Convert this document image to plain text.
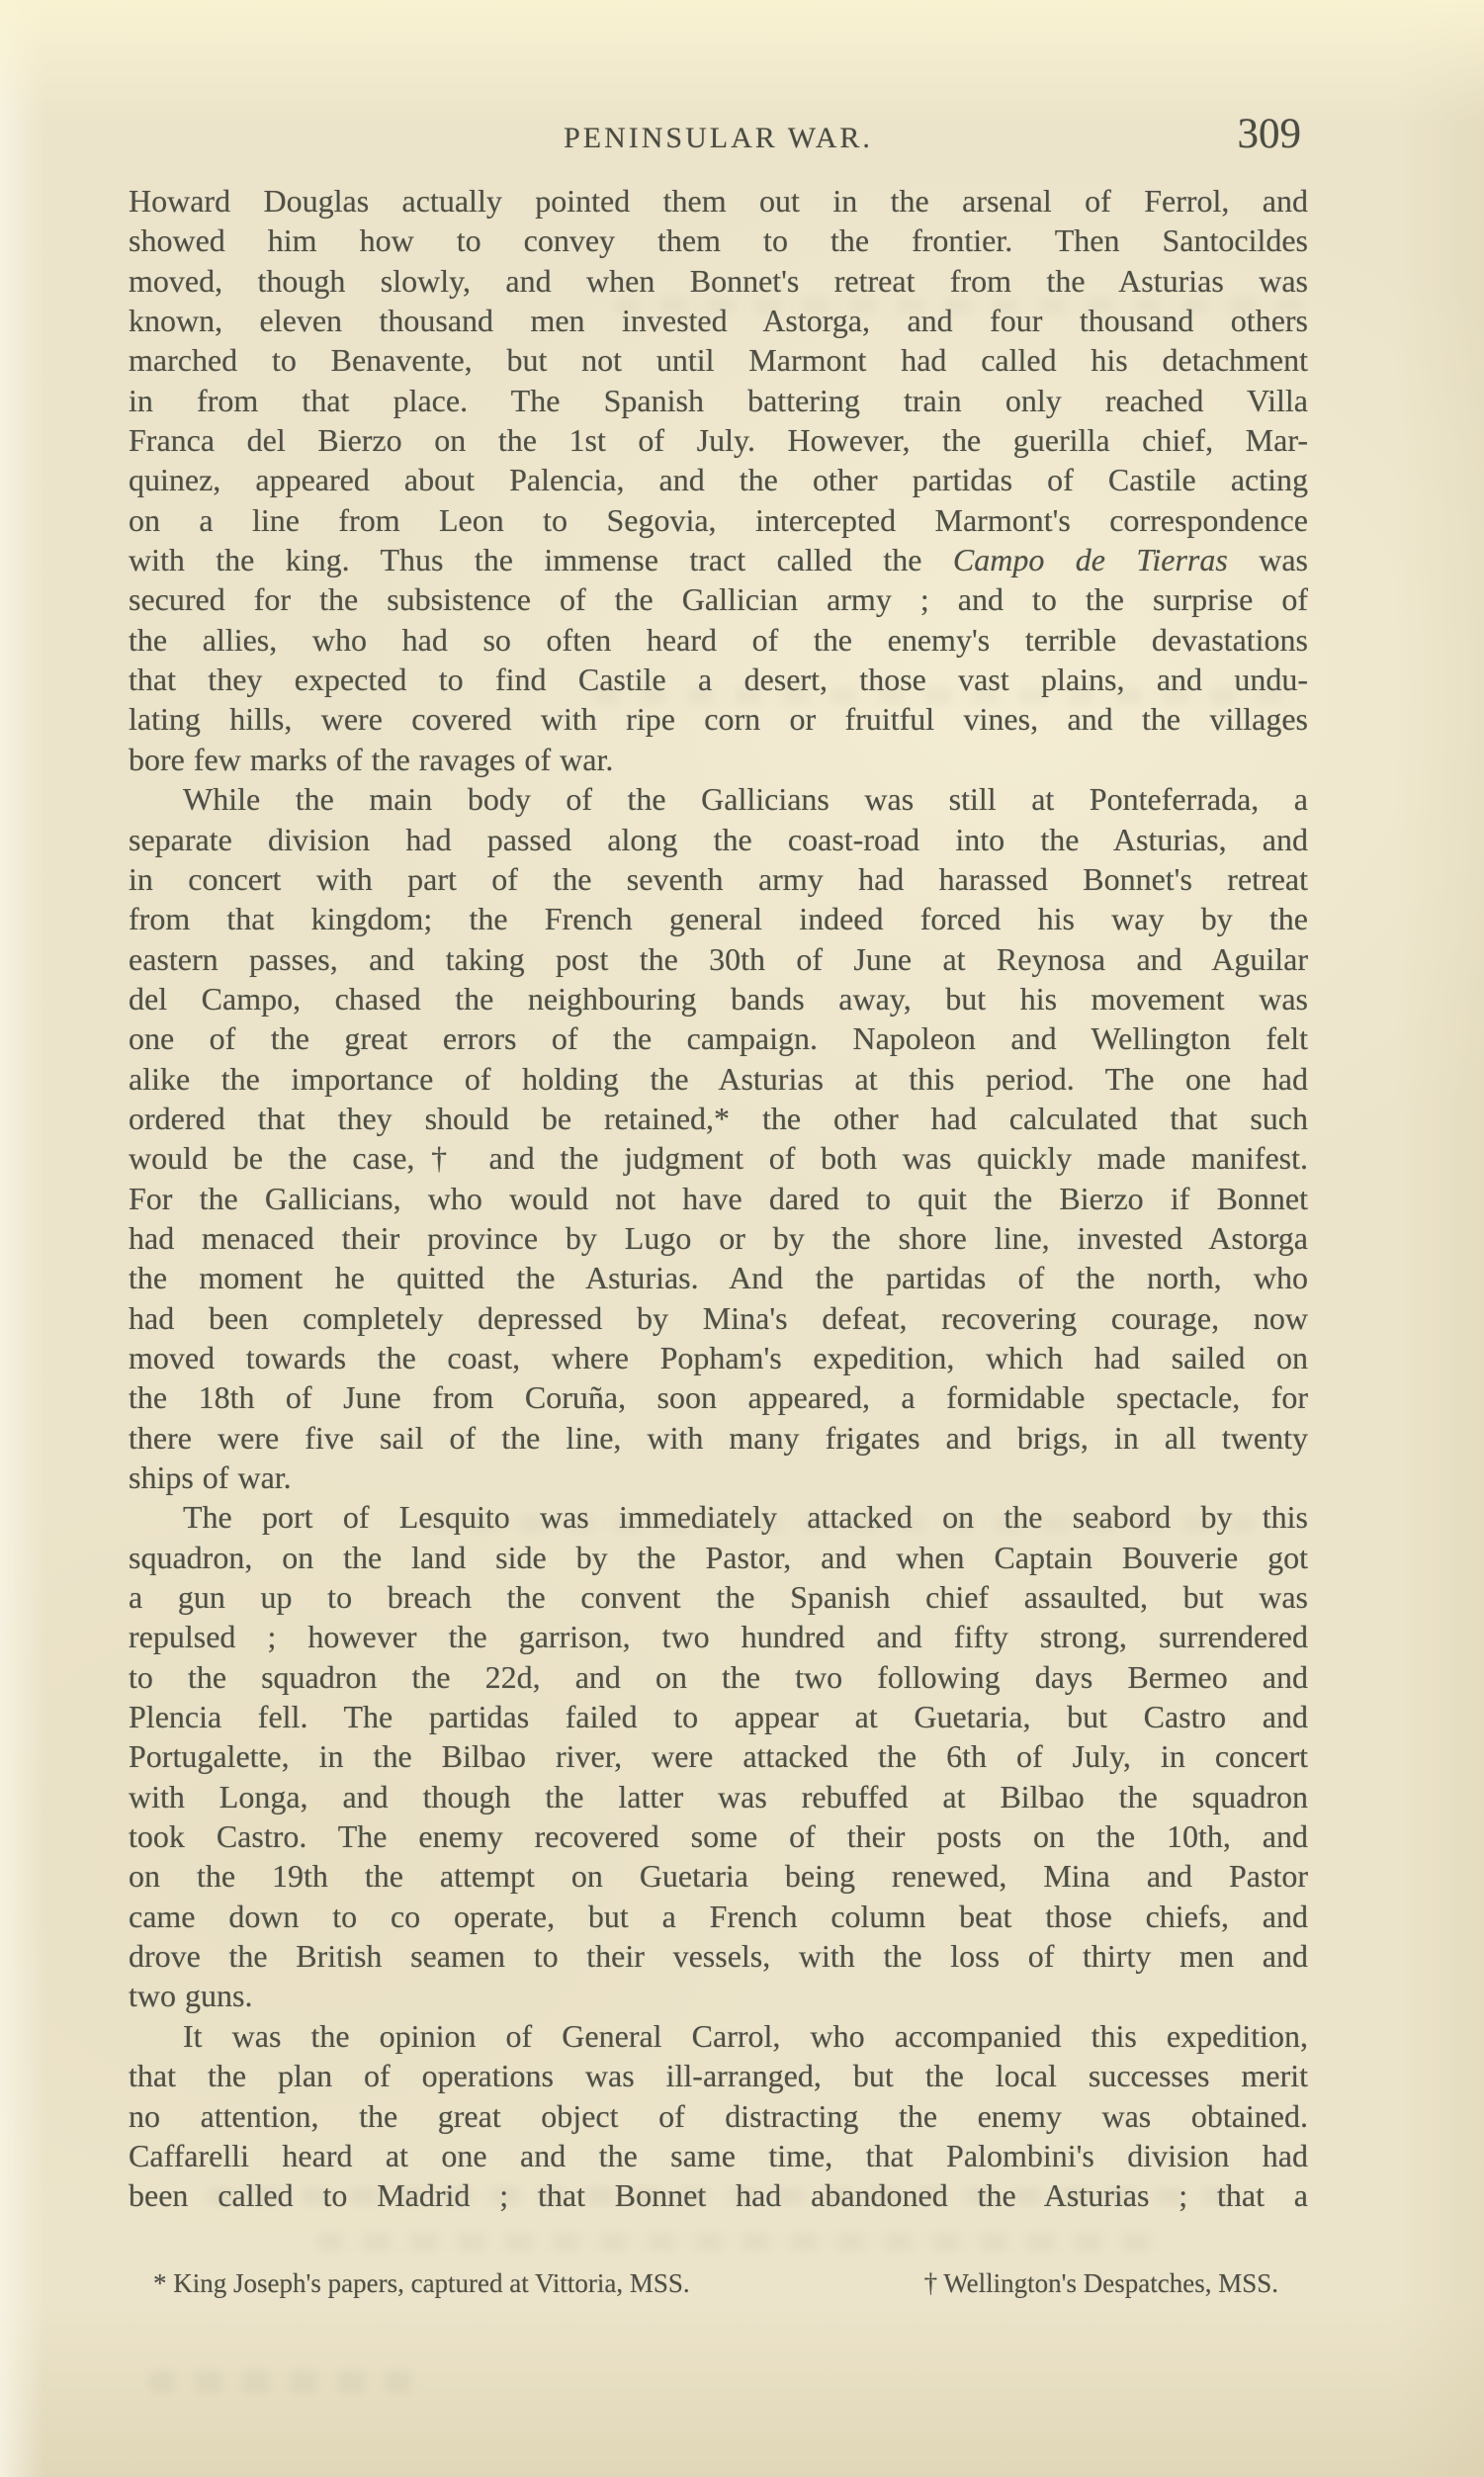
PENINSULAR WAR.	309
Howard Douglas actually pointed them out in the arsenal of Ferrol, and
showed him how to convey them to the frontier. Then Santocildes
moved, though slowly, and when Bonnet's retreat from the Asturias was
known, eleven thousand men invested Astorga, and four thousand others
marched to Benavente, but not until Marmont had called his detachment
in from that place. The Spanish battering train only reached Villa
Franca del Bierzo on the 1st of July. However, the guerilla chief, Mar-
quinez, appeared about Palencia, and the other partidas of Castile acting
on a line from Leon to Segovia, intercepted Marmont's correspondence
with the king. Thus the immense tract called the Campo de Tierras was
secured for the subsistence of the Gallician army ; and to the surprise of
the allies, who had so often heard of the enemy's terrible devastations
that they expected to find Castile a desert, those vast plains, and undu-
lating hills, were covered with ripe corn or fruitful vines, and the villages
bore few marks of the ravages of war.
While the main body of the Gallicians was still at Ponteferrada, a
separate division had passed along the coast-road into the Asturias, and
in concert with part of the seventh army had harassed Bonnet's retreat
from that kingdom; the French general indeed forced his way by the
eastern passes, and taking post the 30th of June at Reynosa and Aguilar
del Campo, chased the neighbouring bands away, but his movement was
one of the great errors of the campaign. Napoleon and Wellington felt
alike the importance of holding the Asturias at this period. The one had
ordered that they should be retained,* the other had calculated that such
would be the case,† and the judgment of both was quickly made manifest.
For the Gallicians, who would not have dared to quit the Bierzo if Bonnet
had menaced their province by Lugo or by the shore line, invested Astorga
the moment he quitted the Asturias. And the partidas of the north, who
had been completely depressed by Mina's defeat, recovering courage, now
moved towards the coast, where Popham's expedition, which had sailed on
the 18th of June from Coruña, soon appeared, a formidable spectacle, for
there were five sail of the line, with many frigates and brigs, in all twenty
ships of war.
The port of Lesquito was immediately attacked on the seabord by this
squadron, on the land side by the Pastor, and when Captain Bouverie got
a gun up to breach the convent the Spanish chief assaulted, but was
repulsed ; however the garrison, two hundred and fifty strong, surrendered
to the squadron the 22d, and on the two following days Bermeo and
Plencia fell. The partidas failed to appear at Guetaria, but Castro and
Portugalette, in the Bilbao river, were attacked the 6th of July, in concert
with Longa, and though the latter was rebuffed at Bilbao the squadron
took Castro. The enemy recovered some of their posts on the 10th, and
on the 19th the attempt on Guetaria being renewed, Mina and Pastor
came down to co operate, but a French column beat those chiefs, and
drove the British seamen to their vessels, with the loss of thirty men and
two guns.
It was the opinion of General Carrol, who accompanied this expedition,
that the plan of operations was ill-arranged, but the local successes merit
no attention, the great object of distracting the enemy was obtained.
Caffarelli heard at one and the same time, that Palombini's division had
been called to Madrid ; that Bonnet had abandoned the Asturias ; that a
* King Joseph's papers, captured at Vittoria, MSS.	† Wellington's Despatches, MSS.
